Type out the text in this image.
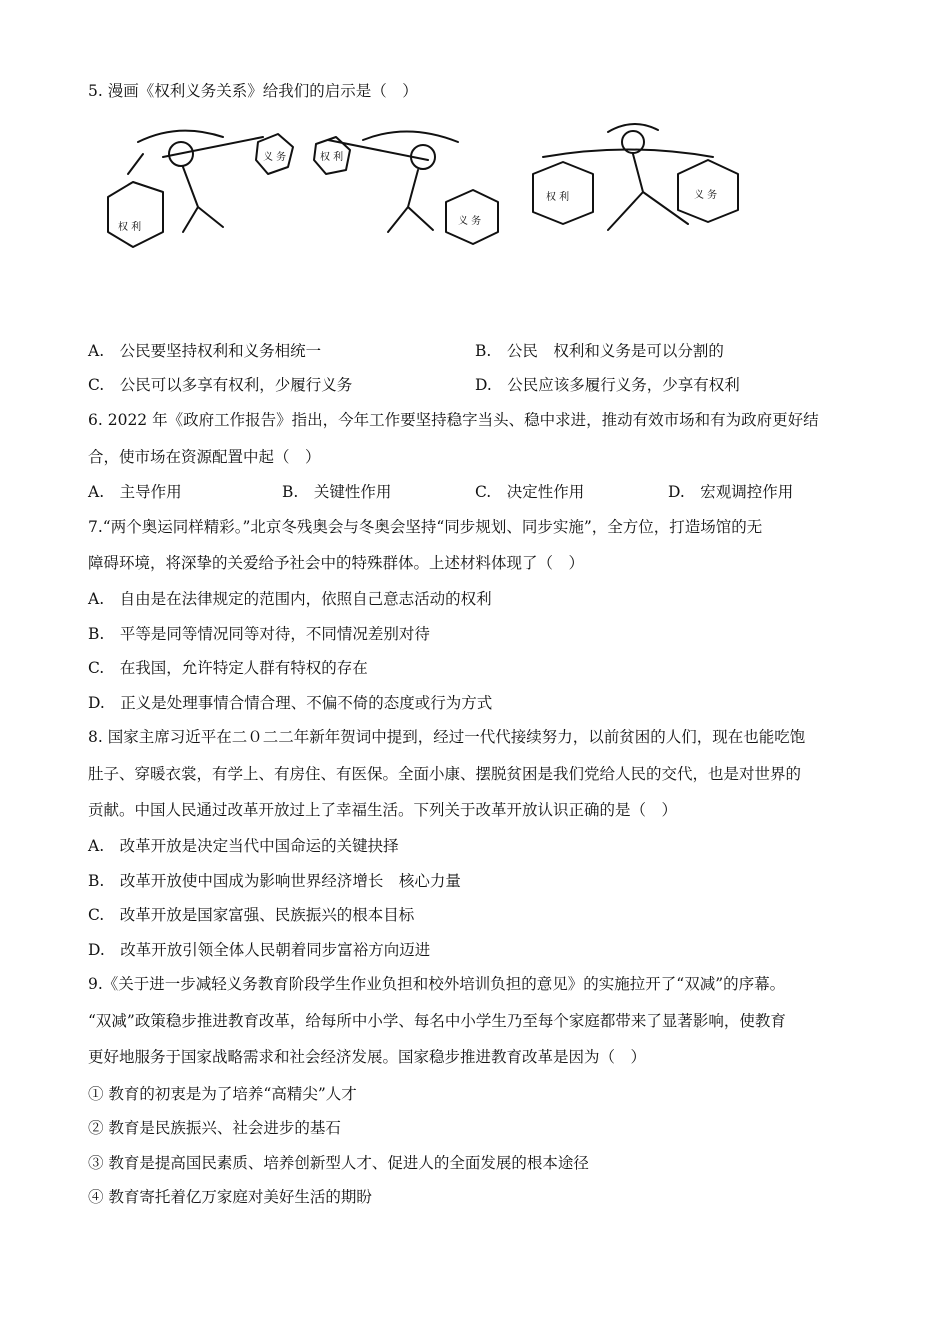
5. 漫画《权利义务关系》给我们的启示是（　）
权 利
义 务	权 利
义 务
权 利	义 务
A.　公民要坚持权利和义务相统一	B.　公民　权利和义务是可以分割的
C.　公民可以多享有权利，少履行义务	D.　公民应该多履行义务，少享有权利
6. 2022 年《政府工作报告》指出，今年工作要坚持稳字当头、稳中求进，推动有效市场和有为政府更好结
合，使市场在资源配置中起（　）
A.　主导作用	B.　关键性作用	C.　决定性作用	D.　宏观调控作用
7.“两个奥运同样精彩。”北京冬残奥会与冬奥会坚持“同步规划、同步实施”，全方位，打造场馆的无
障碍环境，将深挚的关爱给予社会中的特殊群体。上述材料体现了（　）
A.　自由是在法律规定的范围内，依照自己意志活动的权利
B.　平等是同等情况同等对待，不同情况差别对待
C.　在我国，允许特定人群有特权的存在
D.　正义是处理事情合情合理、不偏不倚的态度或行为方式
8. 国家主席习近平在二０二二年新年贺词中提到，经过一代代接续努力，以前贫困的人们，现在也能吃饱
肚子、穿暖衣裳，有学上、有房住、有医保。全面小康、摆脱贫困是我们党给人民的交代，也是对世界的
贡献。中国人民通过改革开放过上了幸福生活。下列关于改革开放认识正确的是（　）
A.　改革开放是决定当代中国命运的关键抉择
B.　改革开放使中国成为影响世界经济增长　核心力量
C.　改革开放是国家富强、民族振兴的根本目标
D.　改革开放引领全体人民朝着同步富裕方向迈进
9.《关于进一步减轻义务教育阶段学生作业负担和校外培训负担的意见》的实施拉开了“双减”的序幕。
“双减”政策稳步推进教育改革，给每所中小学、每名中小学生乃至每个家庭都带来了显著影响，使教育
更好地服务于国家战略需求和社会经济发展。国家稳步推进教育改革是因为（　）
① 教育的初衷是为了培养“高精尖”人才
② 教育是民族振兴、社会进步的基石
③ 教育是提高国民素质、培养创新型人才、促进人的全面发展的根本途径
④ 教育寄托着亿万家庭对美好生活的期盼
